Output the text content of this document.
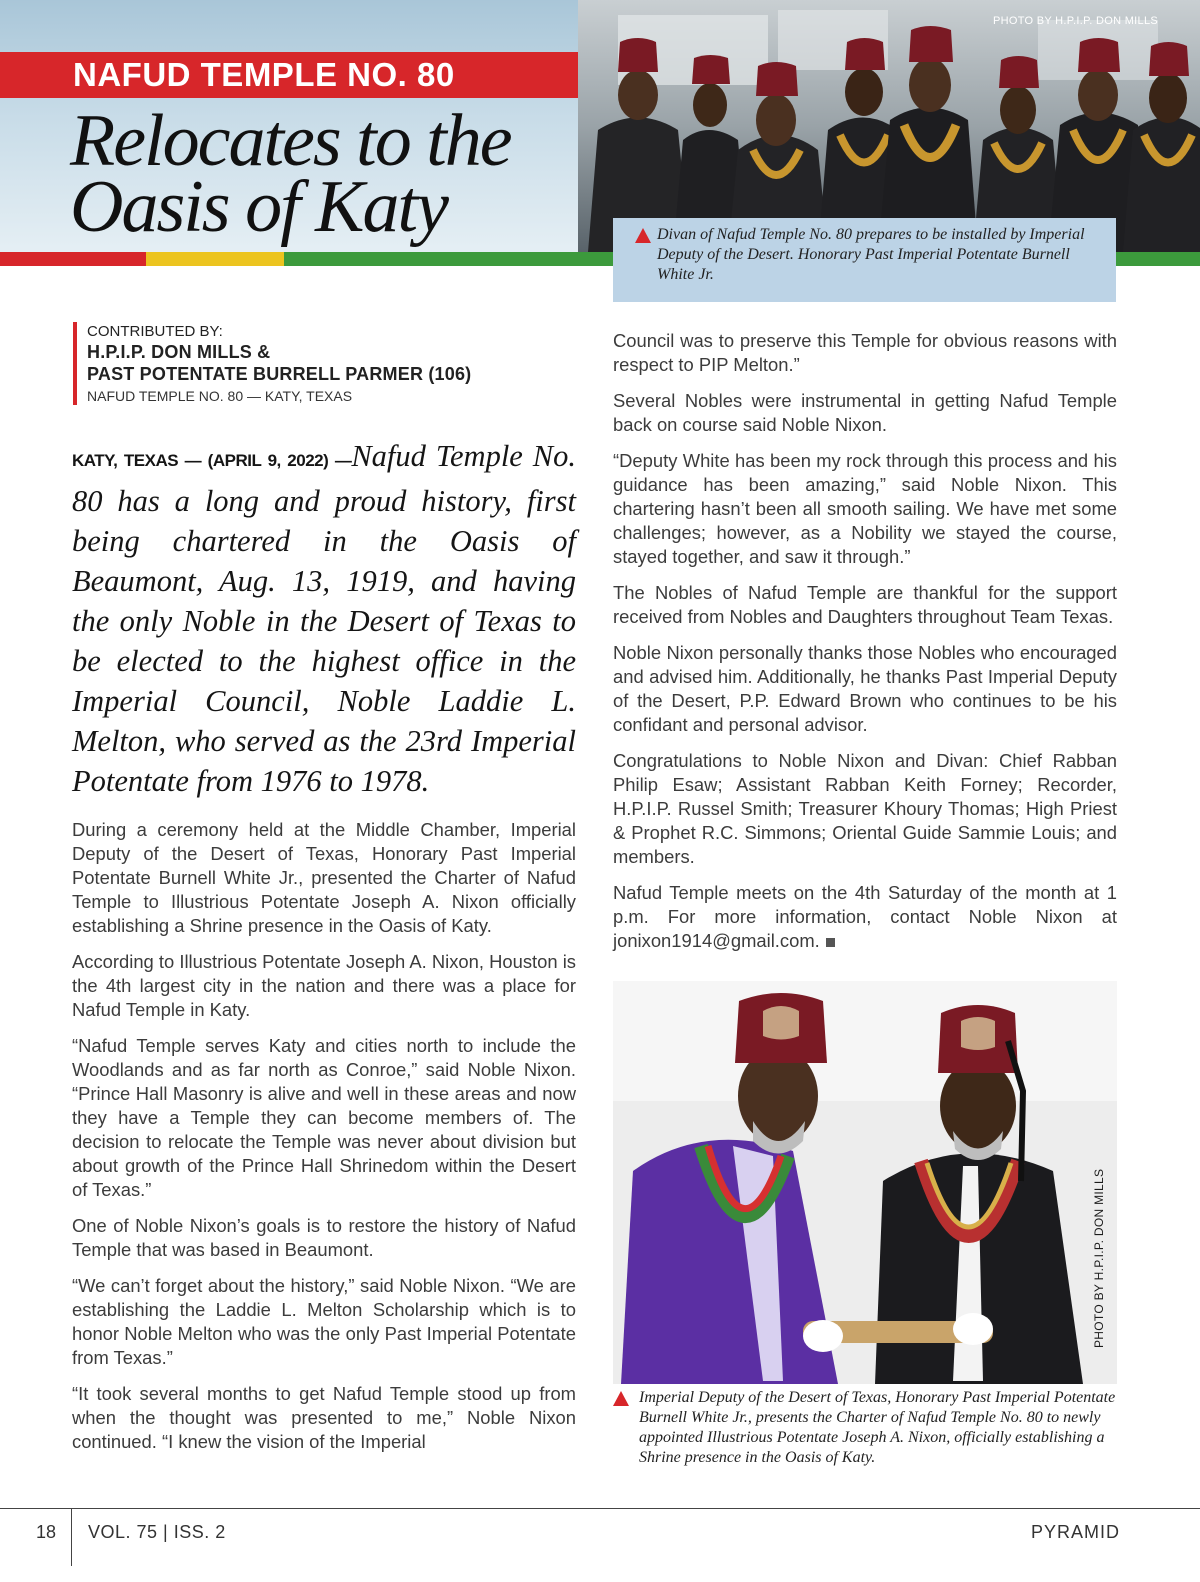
NAFUD TEMPLE NO. 80
Relocates to the
Oasis of Katy
PHOTO BY H.P.I.P. DON MILLS

Divan of Nafud Temple No. 80 prepares to be installed by Imperial Deputy of the Desert. Honorary Past Imperial Potentate Burnell White Jr.

CONTRIBUTED BY:

H.P.I.P. DON MILLS &

PAST POTENTATE BURRELL PARMER (106)

NAFUD TEMPLE NO. 80 — KATY, TEXAS

KATY, TEXAS — (APRIL 9, 2022) —Nafud Temple No. 80 has a long and proud history, first being chartered in the Oasis of Beaumont, Aug. 13, 1919, and having the only Noble in the Desert of Texas to be elected to the highest office in the Imperial Council, Noble Laddie L. Melton, who served as the 23rd Imperial Potentate from 1976 to 1978.

During a ceremony held at the Middle Chamber, Imperial Deputy of the Desert of Texas, Honorary Past Imperial Potentate Burnell White Jr., presented the Charter of Nafud Temple to Illustrious Potentate Joseph A. Nixon officially establishing a Shrine presence in the Oasis of Katy.

According to Illustrious Potentate Joseph A. Nixon, Houston is the 4th largest city in the nation and there was a place for Nafud Temple in Katy.

“Nafud Temple serves Katy and cities north to include the Woodlands and as far north as Conroe,” said Noble Nixon. “Prince Hall Masonry is alive and well in these areas and now they have a Temple they can become members of. The decision to relocate the Temple was never about division but about growth of the Prince Hall Shrinedom within the Desert of Texas.”

One of Noble Nixon’s goals is to restore the history of Nafud Temple that was based in Beaumont.

“We can’t forget about the history,” said Noble Nixon. “We are establishing the Laddie L. Melton Scholarship which is to honor Noble Melton who was the only Past Imperial Potentate from Texas.”

“It took several months to get Nafud Temple stood up from when the thought was presented to me,” Noble Nixon continued. “I knew the vision of the Imperial

Council was to preserve this Temple for obvious reasons with respect to PIP Melton.”

Several Nobles were instrumental in getting Nafud Temple back on course said Noble Nixon.

“Deputy White has been my rock through this process and his guidance has been amazing,” said Noble Nixon. This chartering hasn’t been all smooth sailing. We have met some challenges; however, as a Nobility we stayed the course, stayed together, and saw it through.”

The Nobles of Nafud Temple are thankful for the support received from Nobles and Daughters throughout Team Texas.

Noble Nixon personally thanks those Nobles who encouraged and advised him. Additionally, he thanks Past Imperial Deputy of the Desert, P.P. Edward Brown who continues to be his confidant and personal advisor.

Congratulations to Noble Nixon and Divan: Chief Rabban Philip Esaw; Assistant Rabban Keith Forney; Recorder, H.P.I.P. Russel Smith; Treasurer Khoury Thomas; High Priest & Prophet R.C. Simmons; Oriental Guide Sammie Louis; and members.

Nafud Temple meets on the 4th Saturday of the month at 1 p.m. For more information, contact Noble Nixon at jonixon1914@gmail.com.

PHOTO BY H.P.I.P. DON MILLS

Imperial Deputy of the Desert of Texas, Honorary Past Imperial Potentate Burnell White Jr., presents the Charter of Nafud Temple No. 80 to newly appointed Illustrious Potentate Joseph A. Nixon, officially establishing a Shrine presence in the Oasis of Katy.

18 VOL. 75 | ISS. 2	PYRAMID
